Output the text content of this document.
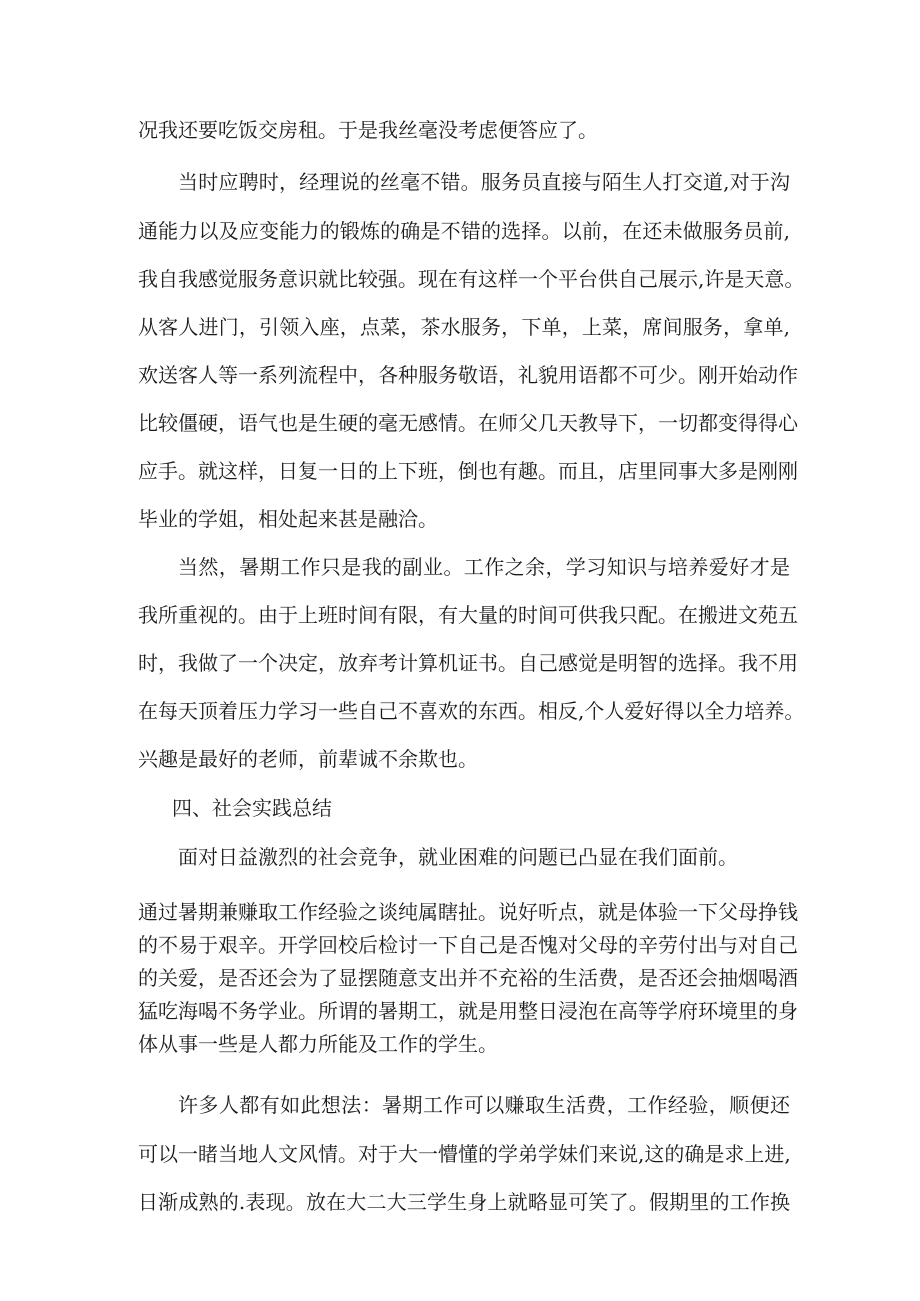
况我还要吃饭交房租。于是我丝毫没考虑便答应了。
当时应聘时，经理说的丝毫不错。服务员直接与陌生人打交道,对于沟
通能力以及应变能力的锻炼的确是不错的选择。以前，在还未做服务员前,
我自我感觉服务意识就比较强。现在有这样一个平台供自己展示,许是天意。
从客人进门，引领入座，点菜，茶水服务，下单，上菜，席间服务，拿单,
欢送客人等一系列流程中，各种服务敬语，礼貌用语都不可少。刚开始动作
比较僵硬，语气也是生硬的毫无感情。在师父几天教导下，一切都变得得心
应手。就这样，日复一日的上下班，倒也有趣。而且，店里同事大多是刚刚
毕业的学姐，相处起来甚是融洽。
当然，暑期工作只是我的副业。工作之余，学习知识与培养爱好才是
我所重视的。由于上班时间有限，有大量的时间可供我只配。在搬进文苑五
时，我做了一个决定，放弃考计算机证书。自己感觉是明智的选择。我不用
在每天顶着压力学习一些自己不喜欢的东西。相反,个人爱好得以全力培养。
兴趣是最好的老师，前辈诚不余欺也。
四、社会实践总结
面对日益激烈的社会竞争，就业困难的问题已凸显在我们面前。
通过暑期兼赚取工作经验之谈纯属瞎扯。说好听点，就是体验一下父母挣钱
的不易于艰辛。开学回校后检讨一下自己是否愧对父母的辛劳付出与对自己
的关爱，是否还会为了显摆随意支出并不充裕的生活费，是否还会抽烟喝酒
猛吃海喝不务学业。所谓的暑期工，就是用整日浸泡在高等学府环境里的身
体从事一些是人都力所能及工作的学生。
许多人都有如此想法：暑期工作可以赚取生活费，工作经验，顺便还
可以一睹当地人文风情。对于大一懵懂的学弟学妹们来说,这的确是求上进,
日渐成熟的.表现。放在大二大三学生身上就略显可笑了。假期里的工作换
